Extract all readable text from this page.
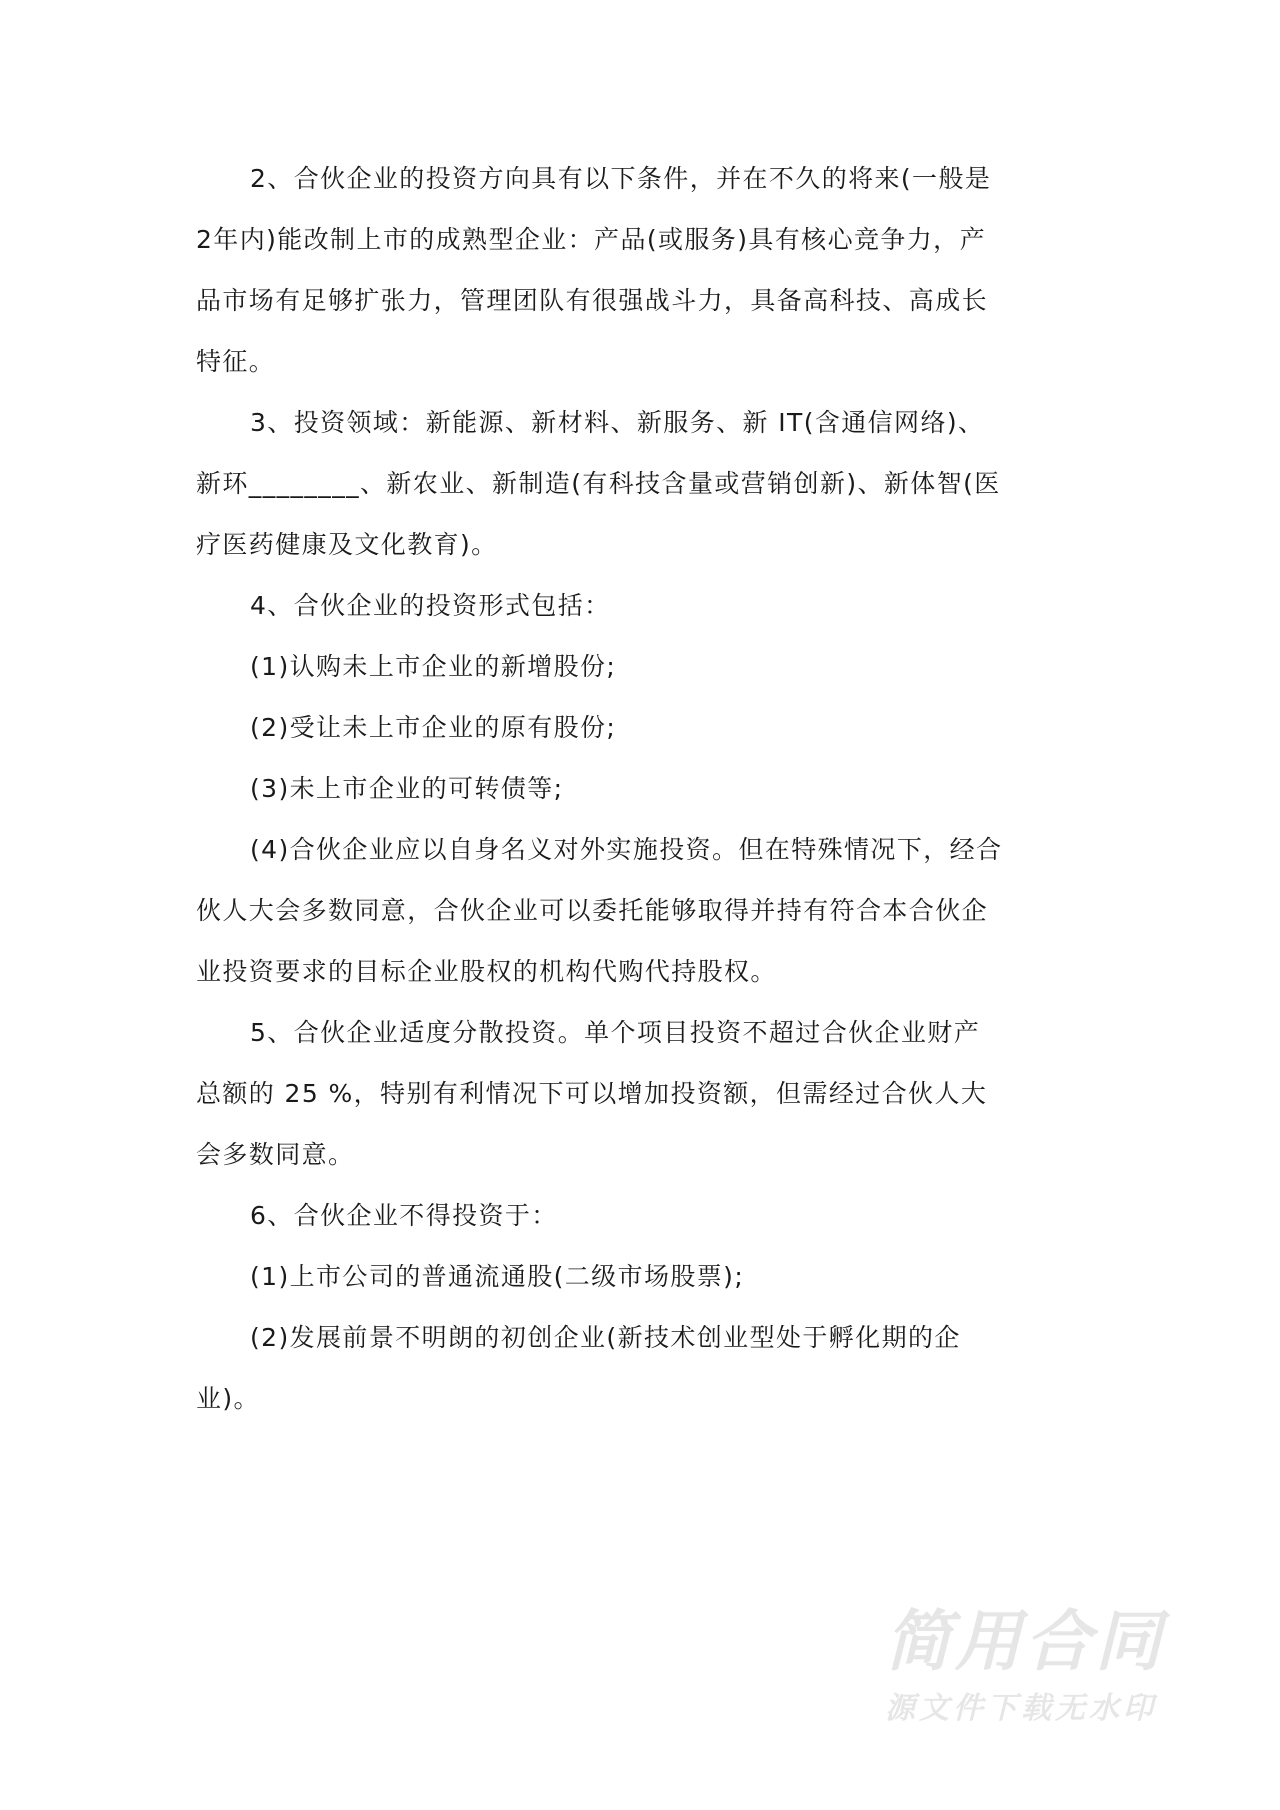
2、合伙企业的投资方向具有以下条件，并在不久的将来(一般是
2年内)能改制上市的成熟型企业：产品(或服务)具有核心竞争力，产
品市场有足够扩张力，管理团队有很强战斗力，具备高科技、高成长
特征。
3、投资领域：新能源、新材料、新服务、新 IT(含通信网络)、
新环________、新农业、新制造(有科技含量或营销创新)、新体智(医
疗医药健康及文化教育)。
4、合伙企业的投资形式包括：
(1)认购未上市企业的新增股份;
(2)受让未上市企业的原有股份;
(3)未上市企业的可转债等;
(4)合伙企业应以自身名义对外实施投资。但在特殊情况下，经合
伙人大会多数同意，合伙企业可以委托能够取得并持有符合本合伙企
业投资要求的目标企业股权的机构代购代持股权。
5、合伙企业适度分散投资。单个项目投资不超过合伙企业财产
总额的 25 %，特别有利情况下可以增加投资额，但需经过合伙人大
会多数同意。
6、合伙企业不得投资于：
(1)上市公司的普通流通股(二级市场股票);
(2)发展前景不明朗的初创企业(新技术创业型处于孵化期的企
业)。
简用合同
源文件下载无水印
